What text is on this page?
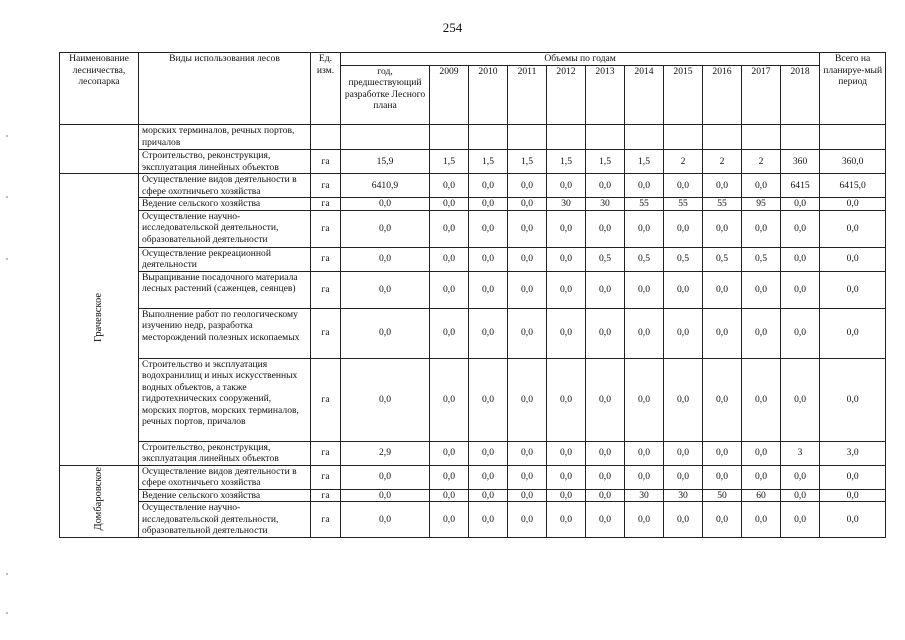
254
Наименование лесничества, лесопарка	Виды использования лесов	Ед. изм.	Объемы по годам											Всего на планируе-мый период
			год, предшествующий разработке Лесного плана	2009	2010	2011	2012	2013	2014	2015	2016	2017	2018	
	морских терминалов, речных портов, причалов													
	Строительство, реконструкция, эксплуатация линейных объектов	га	15,9	1,5	1,5	1,5	1,5	1,5	1,5	2	2	2	360	360,0
Грачевское	Осуществление видов деятельности в сфере охотничьего хозяйства	га	6410,9	0,0	0,0	0,0	0,0	0,0	0,0	0,0	0,0	0,0	6415	6415,0
	Ведение сельского хозяйства	га	0,0	0,0	0,0	0,0	30	30	55	55	55	95	0,0	0,0
	Осуществление научно-исследовательской деятельности, образовательной деятельности	га	0,0	0,0	0,0	0,0	0,0	0,0	0,0	0,0	0,0	0,0	0,0	0,0
	Осуществление рекреационной деятельности	га	0,0	0,0	0,0	0,0	0,0	0,5	0,5	0,5	0,5	0,5	0,0	0,0
	Выращивание посадочного материала лесных растений (саженцев, сеянцев)	га	0,0	0,0	0,0	0,0	0,0	0,0	0,0	0,0	0,0	0,0	0,0	0,0
	Выполнение работ по геологическому изучению недр, разработка месторождений полезных ископаемых	га	0,0	0,0	0,0	0,0	0,0	0,0	0,0	0,0	0,0	0,0	0,0	0,0
	Строительство и эксплуатация водохранилищ и иных искусственных водных объектов, а также гидротехнических сооружений, морских портов, морских терминалов, речных портов, причалов	га	0,0	0,0	0,0	0,0	0,0	0,0	0,0	0,0	0,0	0,0	0,0	0,0
	Строительство, реконструкция, эксплуатация линейных объектов	га	2,9	0,0	0,0	0,0	0,0	0,0	0,0	0,0	0,0	0,0	3	3,0
Домбаровское	Осуществление видов деятельности в сфере охотничьего хозяйства	га	0,0	0,0	0,0	0,0	0,0	0,0	0,0	0,0	0,0	0,0	0,0	0,0
	Ведение сельского хозяйства	га	0,0	0,0	0,0	0,0	0,0	0,0	30	30	50	60	0,0	0,0
	Осуществление научно-исследовательской деятельности, образовательной деятельности	га	0,0	0,0	0,0	0,0	0,0	0,0	0,0	0,0	0,0	0,0	0,0	0,0
